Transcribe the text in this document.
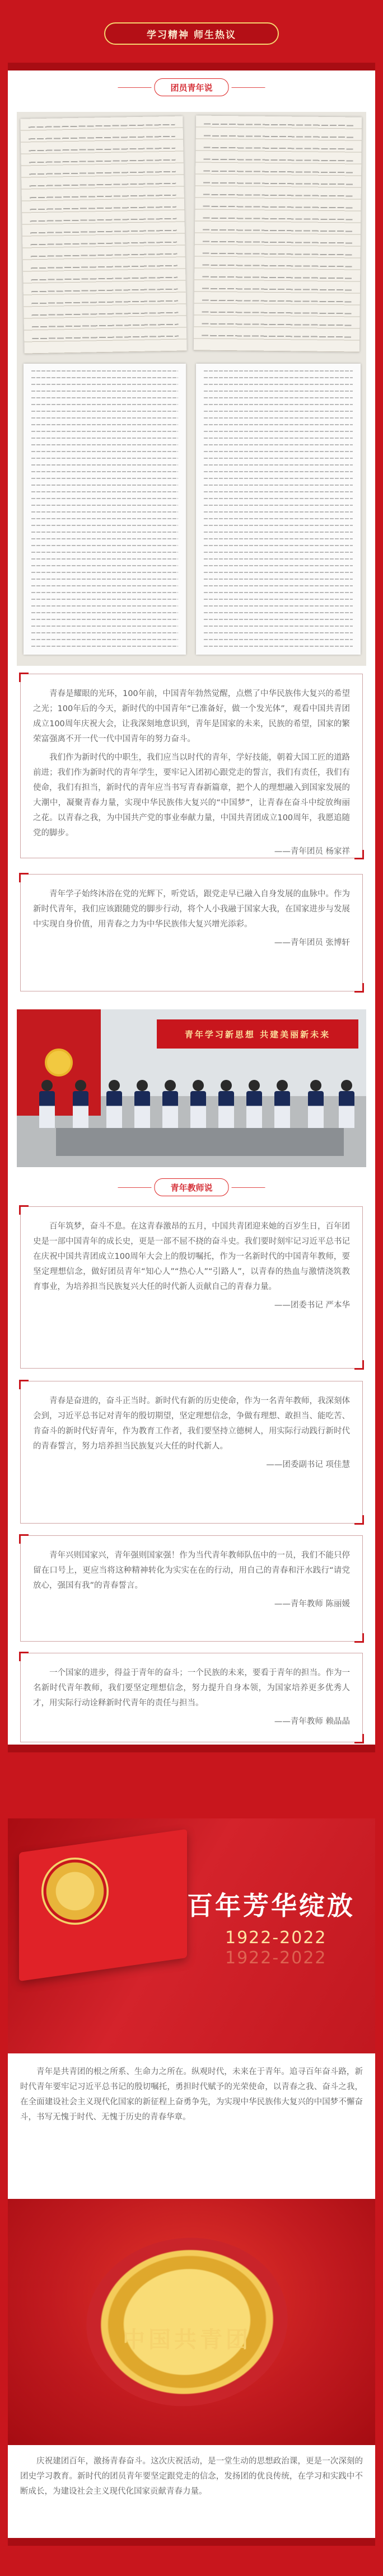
学习精神 师生热议
团员青年说

青春是耀眼的光环，100年前，中国青年勃然觉醒，点燃了中华民族伟大复兴的希望之光；100年后的今天，新时代的中国青年“已准备好，做一个发光体”，观看中国共青团成立100周年庆祝大会，让我深刻地意识到，青年是国家的未来，民族的希望，国家的繁荣富强离不开一代一代中国青年的努力奋斗。

我们作为新时代的中职生，我们应当以时代的青年，学好技能，朝着大国工匠的道路前进；我们作为新时代的青年学生，要牢记入团初心跟党走的誓言，我们有责任，我们有使命，我们有担当，新时代的青年应当书写青春新篇章，把个人的理想融入到国家发展的大潮中，凝聚青春力量，实现中华民族伟大复兴的“中国梦”，让青春在奋斗中绽放绚丽之花。以青春之我，为中国共产党的事业奉献力量，中国共青团成立100周年，我愿追随党的脚步。

——青年团员 杨家祥

青年学子始终沐浴在党的光辉下，听党话，跟党走早已融入自身发展的血脉中。作为新时代青年，我们应该跟随党的脚步行动，将个人小我融于国家大我，在国家进步与发展中实现自身价值，用青春之力为中华民族伟大复兴增光添彩。

——青年团员 张博轩

青年学习新思想 共建美丽新未来
青年教师说

百年筑梦，奋斗不息。在这青春激昂的五月，中国共青团迎来她的百岁生日，百年团史是一部中国青年的成长史，更是一部不屈不挠的奋斗史。我们要时刻牢记习近平总书记在庆祝中国共青团成立100周年大会上的殷切嘱托，作为一名新时代的中国青年教师，要坚定理想信念，做好团员青年“知心人”“热心人”“引路人”，以青春的热血与激情浇筑教育事业，为培养担当民族复兴大任的时代新人贡献自己的青春力量。

——团委书记 严本华

青春是奋进的，奋斗正当时。新时代有新的历史使命，作为一名青年教师，我深刻体会到，习近平总书记对青年的殷切期望，坚定理想信念，争做有理想、敢担当、能吃苦、肯奋斗的新时代好青年，作为教育工作者，我们要坚持立德树人，用实际行动践行新时代的青春誓言，努力培养担当民族复兴大任的时代新人。

——团委副书记 项佳慧

青年兴则国家兴，青年强则国家强！作为当代青年教师队伍中的一员，我们不能只停留在口号上，更应当将这种精神转化为实实在在的行动，用自己的青春和汗水践行“请党放心，强国有我”的青春誓言。

——青年教师 陈丽媛

一个国家的进步，得益于青年的奋斗；一个民族的未来，要看于青年的担当。作为一名新时代青年教师，我们要坚定理想信念，努力提升自身本领，为国家培养更多优秀人才，用实际行动诠释新时代青年的责任与担当。

——青年教师 赖晶晶

百年芳华绽放
1922-2022
1922-2022
青年是共青团的根之所系、生命力之所在。纵观时代，未来在于青年。追寻百年奋斗路，新时代青年要牢记习近平总书记的殷切嘱托，勇担时代赋予的光荣使命，以青春之我、奋斗之我，在全面建设社会主义现代化国家的新征程上奋勇争先，为实现中华民族伟大复兴的中国梦不懈奋斗，书写无愧于时代、无愧于历史的青春华章。
中国共青团
庆祝建团百年，激扬青春奋斗。这次庆祝活动，是一堂生动的思想政治课，更是一次深刻的团史学习教育。新时代的团员青年要坚定跟党走的信念，发扬团的优良传统，在学习和实践中不断成长，为建设社会主义现代化国家贡献青春力量。
